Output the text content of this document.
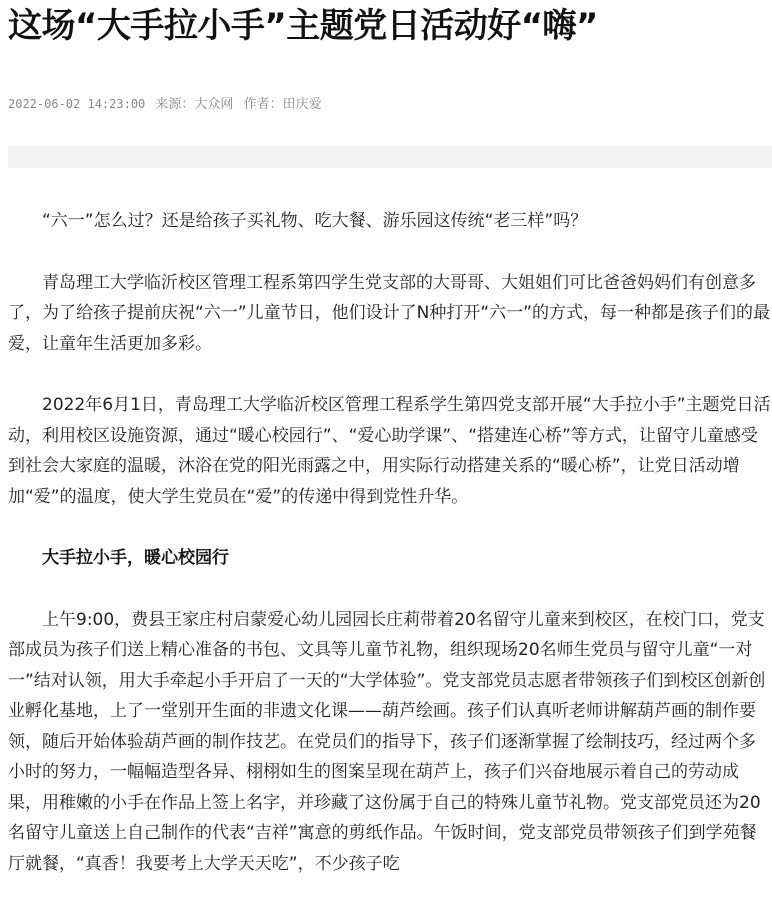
这场“大手拉小手”主题党日活动好“嗨”
2022-06-02 14:23:00 来源：大众网 作者：田庆爱

“六一”怎么过？还是给孩子买礼物、吃大餐、游乐园这传统“老三样”吗？

青岛理工大学临沂校区管理工程系第四学生党支部的大哥哥、大姐姐们可比爸爸妈妈们有创意多了，为了给孩子提前庆祝“六一”儿童节日，他们设计了N种打开“六一”的方式，每一种都是孩子们的最爱，让童年生活更加多彩。

2022年6月1日，青岛理工大学临沂校区管理工程系学生第四党支部开展“大手拉小手”主题党日活动，利用校区设施资源，通过“暖心校园行”、“爱心助学课”、“搭建连心桥”等方式，让留守儿童感受到社会大家庭的温暖，沐浴在党的阳光雨露之中，用实际行动搭建关系的“暖心桥”，让党日活动增加“爱”的温度，使大学生党员在“爱”的传递中得到党性升华。

大手拉小手，暖心校园行

上午9:00，费县王家庄村启蒙爱心幼儿园园长庄莉带着20名留守儿童来到校区，在校门口，党支部成员为孩子们送上精心准备的书包、文具等儿童节礼物，组织现场20名师生党员与留守儿童“一对一”结对认领，用大手牵起小手开启了一天的“大学体验”。党支部党员志愿者带领孩子们到校区创新创业孵化基地，上了一堂别开生面的非遗文化课——葫芦绘画。孩子们认真听老师讲解葫芦画的制作要领，随后开始体验葫芦画的制作技艺。在党员们的指导下，孩子们逐渐掌握了绘制技巧，经过两个多小时的努力，一幅幅造型各异、栩栩如生的图案呈现在葫芦上，孩子们兴奋地展示着自己的劳动成果，用稚嫩的小手在作品上签上名字，并珍藏了这份属于自己的特殊儿童节礼物。党支部党员还为20名留守儿童送上自己制作的代表“吉祥”寓意的剪纸作品。午饭时间，党支部党员带领孩子们到学苑餐厅就餐，“真香！我要考上大学天天吃”，不少孩子吃
